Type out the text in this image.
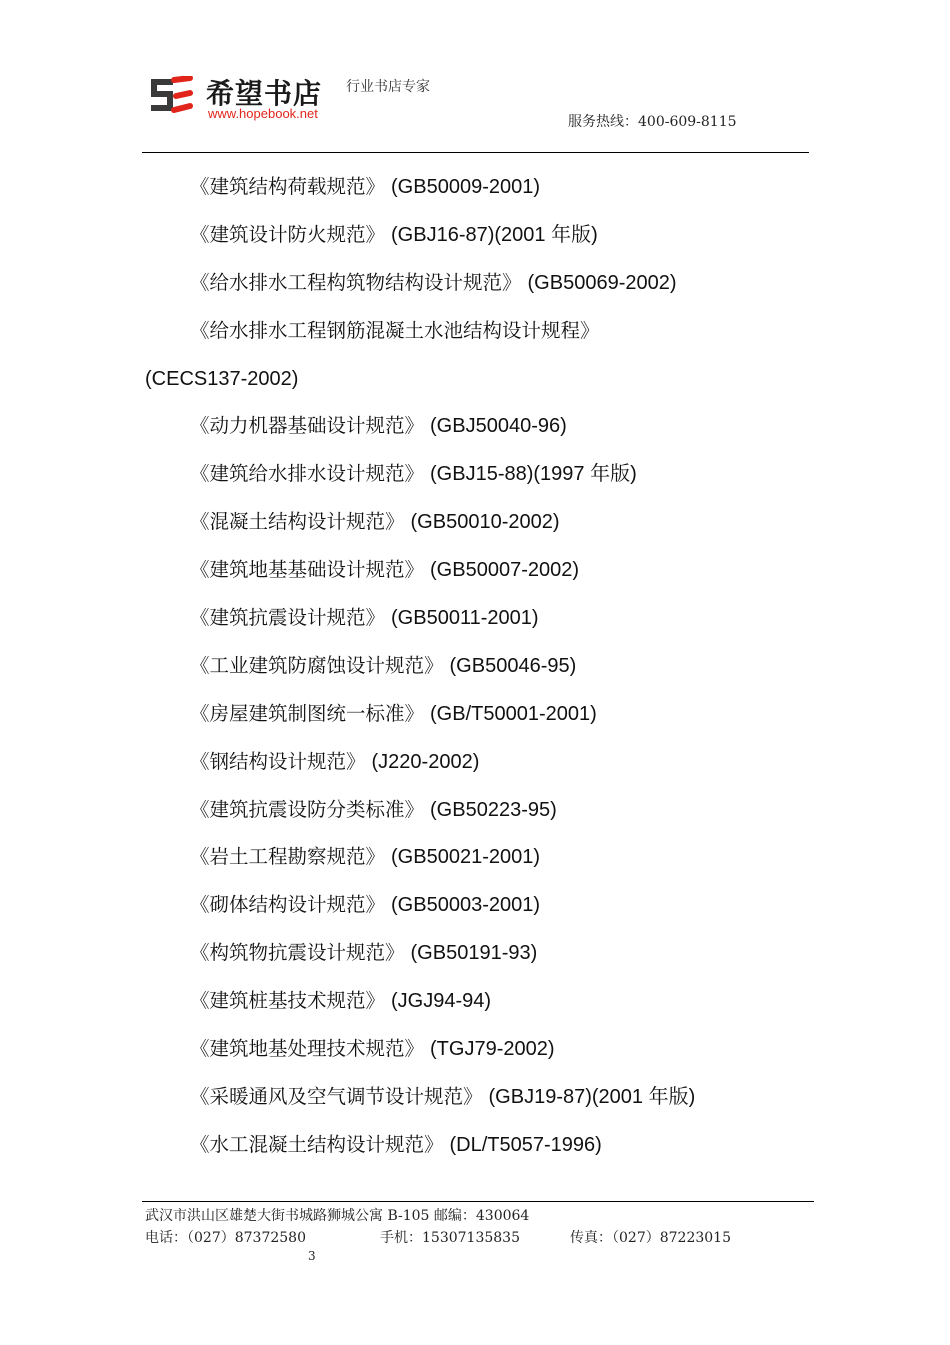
希望书店
www.hopebook.net
行业书店专家
服务热线：400-609-8115
《建筑结构荷载规范》 (GB50009-2001)
《建筑设计防火规范》 (GBJ16-87)(2001 年版)
《给水排水工程构筑物结构设计规范》 (GB50069-2002)
《给水排水工程钢筋混凝土水池结构设计规程》
(CECS137-2002)
《动力机器基础设计规范》 (GBJ50040-96)
《建筑给水排水设计规范》 (GBJ15-88)(1997 年版)
《混凝土结构设计规范》 (GB50010-2002)
《建筑地基基础设计规范》 (GB50007-2002)
《建筑抗震设计规范》 (GB50011-2001)
《工业建筑防腐蚀设计规范》 (GB50046-95)
《房屋建筑制图统一标准》 (GB/T50001-2001)
《钢结构设计规范》 (J220-2002)
《建筑抗震设防分类标准》 (GB50223-95)
《岩土工程勘察规范》 (GB50021-2001)
《砌体结构设计规范》 (GB50003-2001)
《构筑物抗震设计规范》 (GB50191-93)
《建筑桩基技术规范》 (JGJ94-94)
《建筑地基处理技术规范》 (TGJ79-2002)
《采暖通风及空气调节设计规范》 (GBJ19-87)(2001 年版)
《水工混凝土结构设计规范》 (DL/T5057-1996)
武汉市洪山区雄楚大街书城路狮城公寓 B-105 邮编：430064
电话：（027）87372580	手机：15307135835	传真：（027）87223015
3
